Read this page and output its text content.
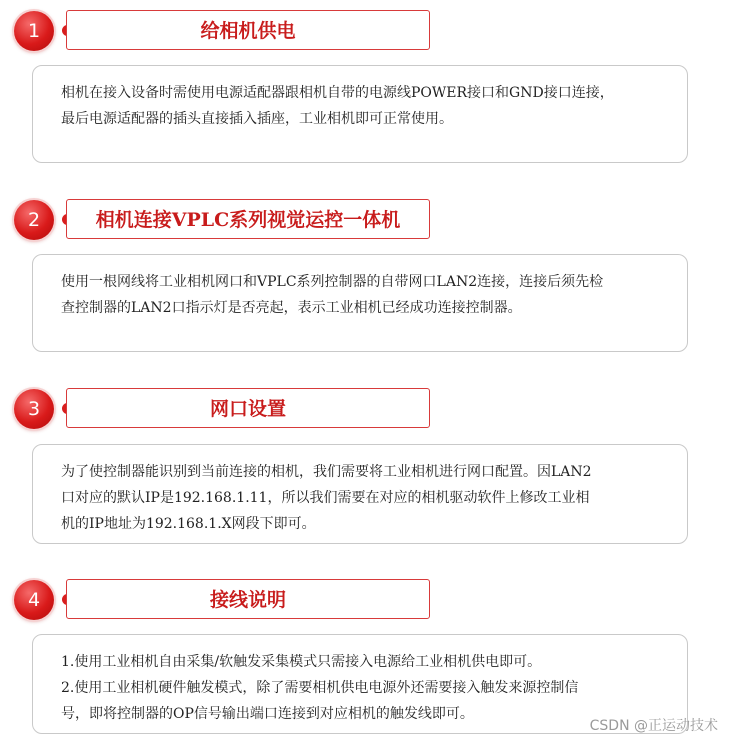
1	给相机供电

相机在接入设备时需使用电源适配器跟相机自带的电源线POWER接口和GND接口连接，

最后电源适配器的插头直接插入插座，工业相机即可正常使用。

2	相机连接VPLC系列视觉运控一体机

使用一根网线将工业相机网口和VPLC系列控制器的自带网口LAN2连接，连接后须先检

查控制器的LAN2口指示灯是否亮起，表示工业相机已经成功连接控制器。

3	网口设置

为了使控制器能识别到当前连接的相机，我们需要将工业相机进行网口配置。因LAN2

口对应的默认IP是192.168.1.11，所以我们需要在对应的相机驱动软件上修改工业相

机的IP地址为192.168.1.X网段下即可。

4	接线说明

1.使用工业相机自由采集/软触发采集模式只需接入电源给工业相机供电即可。

2.使用工业相机硬件触发模式，除了需要相机供电电源外还需要接入触发来源控制信

号，即将控制器的OP信号输出端口连接到对应相机的触发线即可。

CSDN @正运动技术
